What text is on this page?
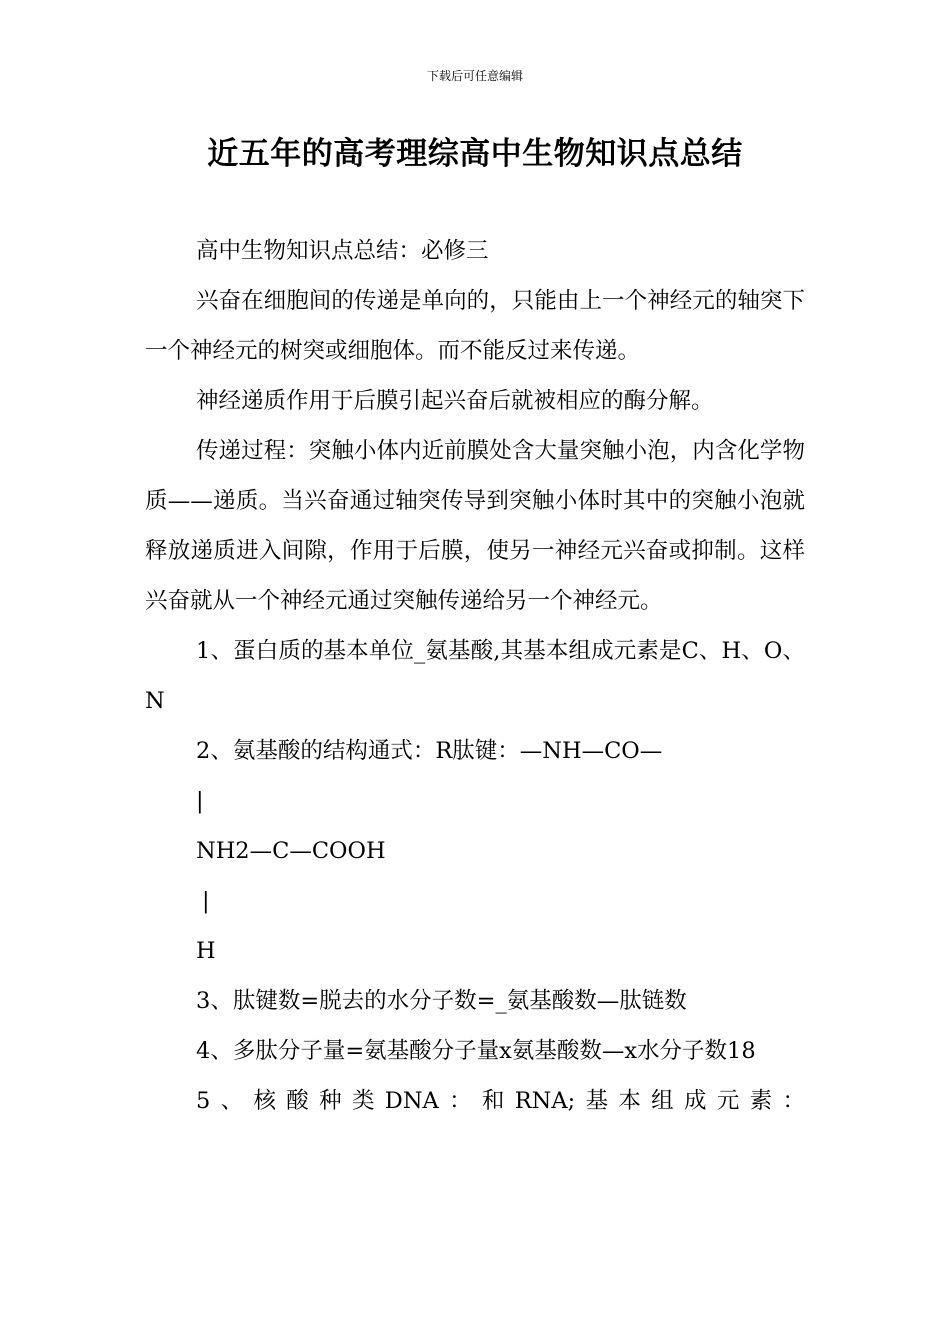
下载后可任意编辑
近五年的高考理综高中生物知识点总结

高中生物知识点总结：必修三

兴奋在细胞间的传递是单向的，只能由上一个神经元的轴突下一个神经元的树突或细胞体。而不能反过来传递。

神经递质作用于后膜引起兴奋后就被相应的酶分解。

传递过程：突触小体内近前膜处含大量突触小泡，内含化学物质——递质。当兴奋通过轴突传导到突触小体时其中的突触小泡就释放递质进入间隙，作用于后膜，使另一神经元兴奋或抑制。这样兴奋就从一个神经元通过突触传递给另一个神经元。

1、蛋白质的基本单位_氨基酸,其基本组成元素是C、H、O、N

2、氨基酸的结构通式：R肽键：—NH—CO—

|

NH2—C—COOH

|

H

3、肽键数=脱去的水分子数=_氨基酸数—肽链数

4、多肽分子量=氨基酸分子量x氨基酸数—x水分子数18

5、核酸种类DNA：和RNA;基本组成元素：
